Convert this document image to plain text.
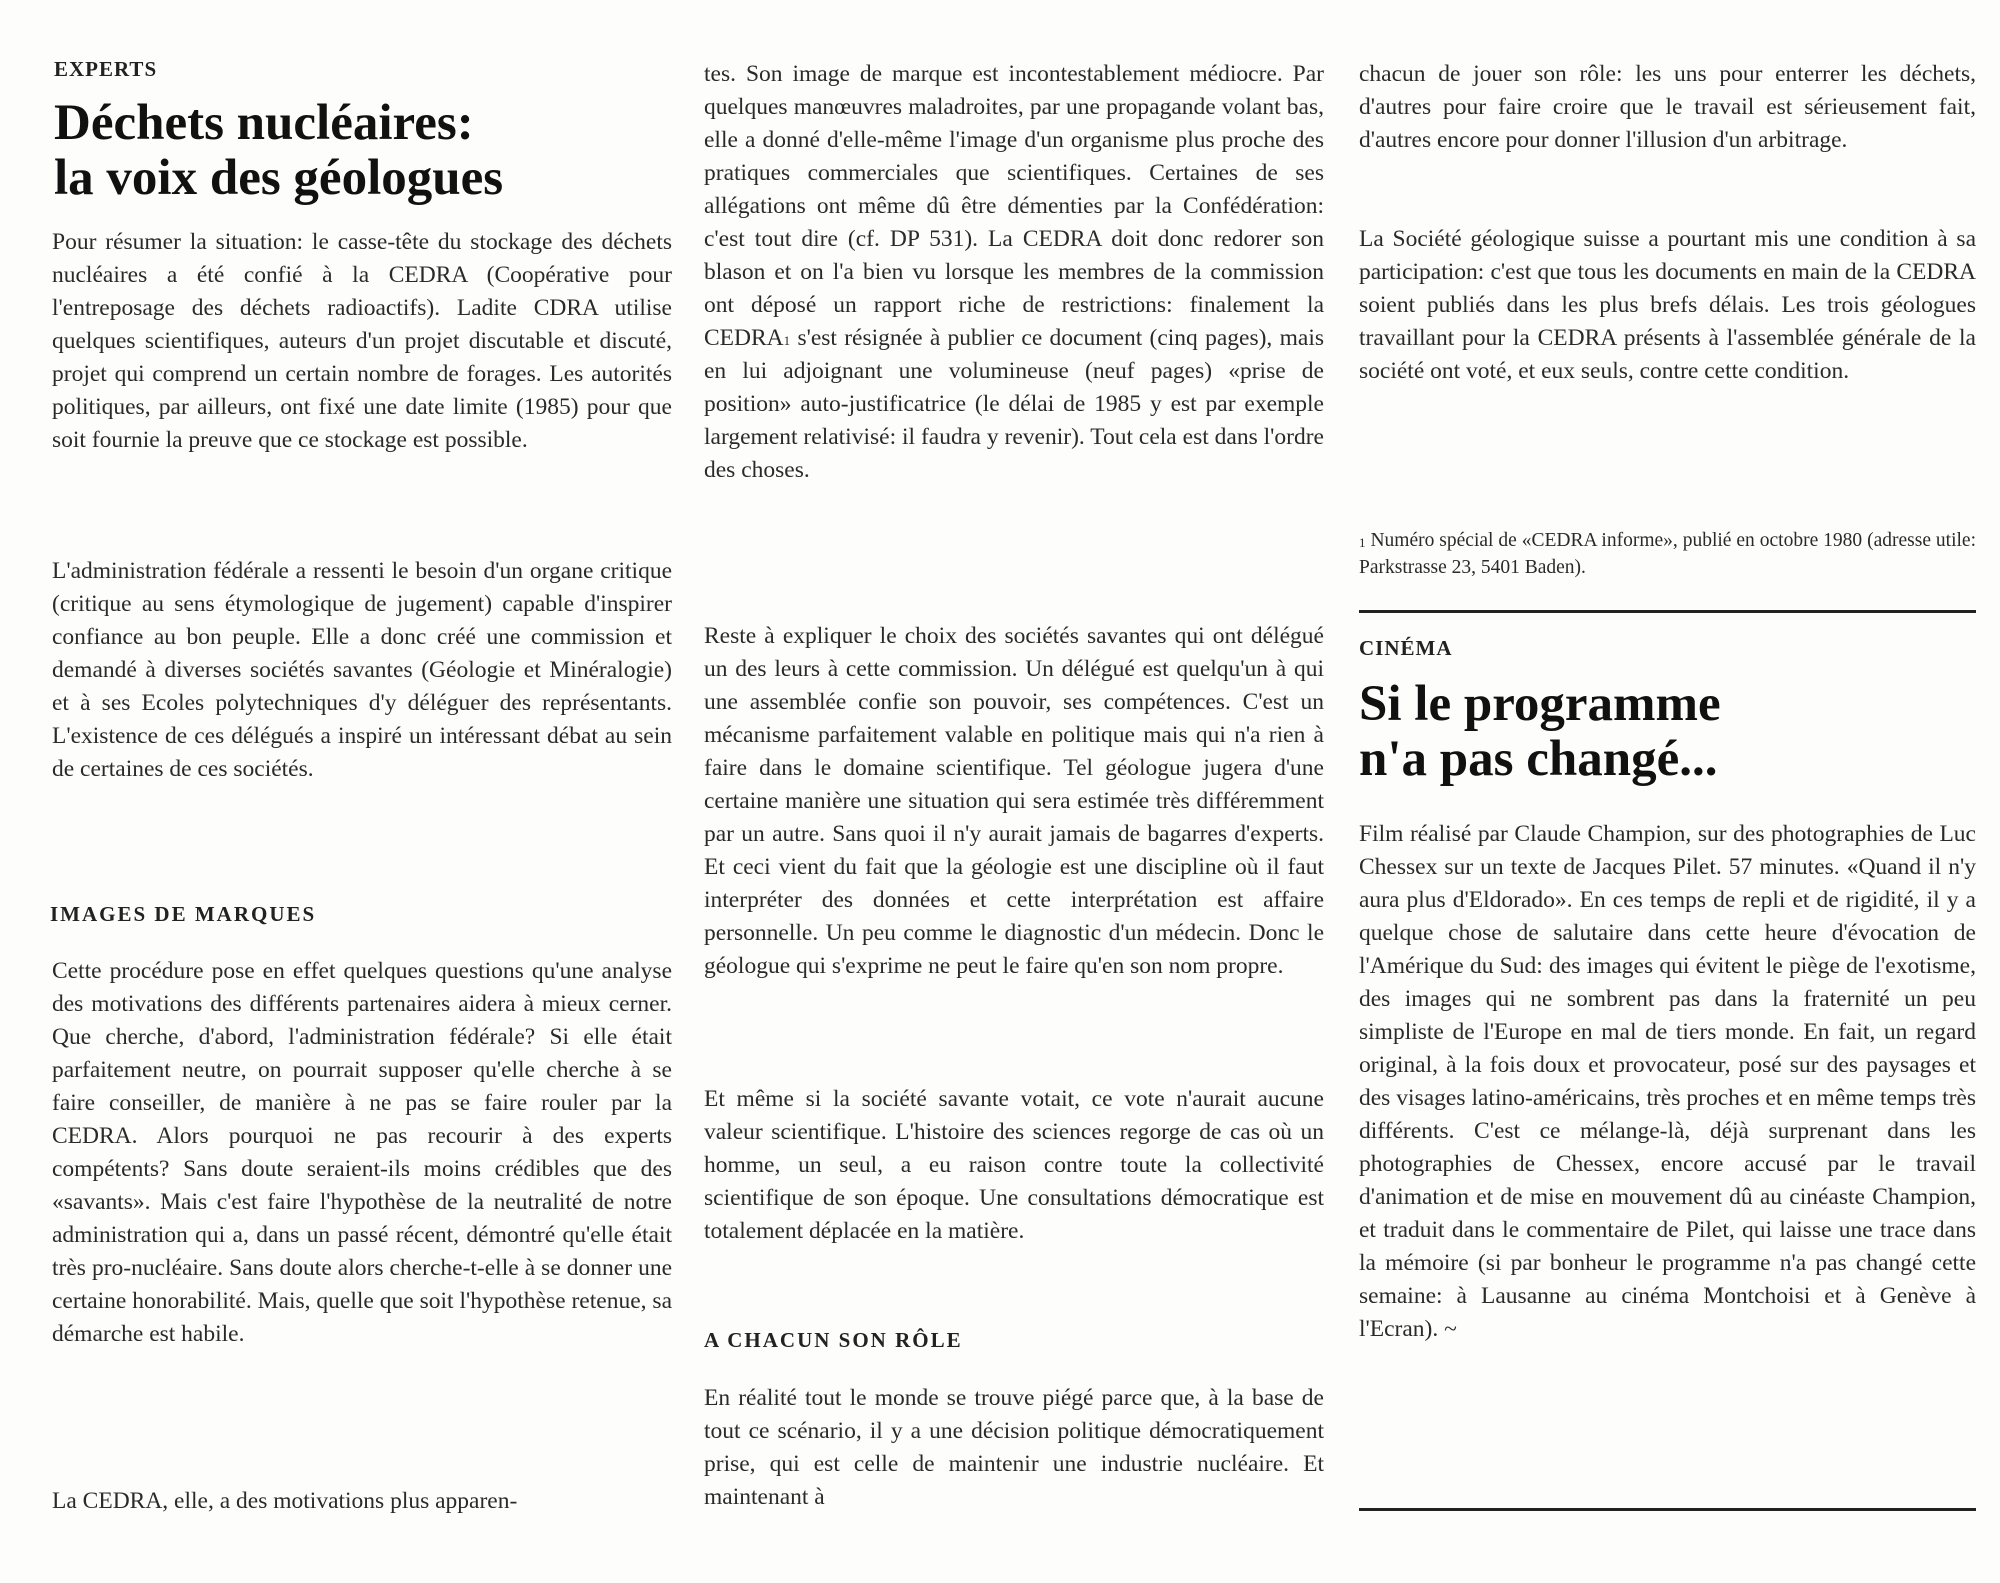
EXPERTS
Déchets nucléaires:
la voix des géologues

Pour résumer la situation: le casse-tête du stockage des déchets nucléaires a été confié à la CEDRA (Coopérative pour l'entreposage des déchets radioactifs). Ladite CDRA utilise quelques scientifiques, auteurs d'un projet discutable et discuté, projet qui comprend un certain nombre de forages. Les autorités politiques, par ailleurs, ont fixé une date limite (1985) pour que soit fournie la preuve que ce stockage est possible.

L'administration fédérale a ressenti le besoin d'un organe critique (critique au sens étymologique de jugement) capable d'inspirer confiance au bon peuple. Elle a donc créé une commission et demandé à diverses sociétés savantes (Géologie et Minéralogie) et à ses Ecoles polytechniques d'y déléguer des représentants. L'existence de ces délégués a inspiré un intéressant débat au sein de certaines de ces sociétés.

IMAGES DE MARQUES

Cette procédure pose en effet quelques questions qu'une analyse des motivations des différents partenaires aidera à mieux cerner. Que cherche, d'abord, l'administration fédérale? Si elle était parfaitement neutre, on pourrait supposer qu'elle cherche à se faire conseiller, de manière à ne pas se faire rouler par la CEDRA. Alors pourquoi ne pas recourir à des experts compétents? Sans doute seraient-ils moins crédibles que des «savants». Mais c'est faire l'hypothèse de la neutralité de notre administration qui a, dans un passé récent, démontré qu'elle était très pro-nucléaire. Sans doute alors cherche-t-elle à se donner une certaine honorabilité. Mais, quelle que soit l'hypothèse retenue, sa démarche est habile.

La CEDRA, elle, a des motivations plus apparen-

tes. Son image de marque est incontestablement médiocre. Par quelques manœuvres maladroites, par une propagande volant bas, elle a donné d'elle-même l'image d'un organisme plus proche des pratiques commerciales que scientifiques. Certaines de ses allégations ont même dû être démenties par la Confédération: c'est tout dire (cf. DP 531). La CEDRA doit donc redorer son blason et on l'a bien vu lorsque les membres de la commission ont déposé un rapport riche de restrictions: finalement la CEDRA$^1$ s'est résignée à publier ce document (cinq pages), mais en lui adjoignant une volumineuse (neuf pages) «prise de position» auto-justificatrice (le délai de 1985 y est par exemple largement relativisé: il faudra y revenir). Tout cela est dans l'ordre des choses.

Reste à expliquer le choix des sociétés savantes qui ont délégué un des leurs à cette commission. Un délégué est quelqu'un à qui une assemblée confie son pouvoir, ses compétences. C'est un mécanisme parfaitement valable en politique mais qui n'a rien à faire dans le domaine scientifique. Tel géologue jugera d'une certaine manière une situation qui sera estimée très différemment par un autre. Sans quoi il n'y aurait jamais de bagarres d'experts. Et ceci vient du fait que la géologie est une discipline où il faut interpréter des données et cette interprétation est affaire personnelle. Un peu comme le diagnostic d'un médecin. Donc le géologue qui s'exprime ne peut le faire qu'en son nom propre.

Et même si la société savante votait, ce vote n'aurait aucune valeur scientifique. L'histoire des sciences regorge de cas où un homme, un seul, a eu raison contre toute la collectivité scientifique de son époque. Une consultations démocratique est totalement déplacée en la matière.

A CHACUN SON RÔLE

En réalité tout le monde se trouve piégé parce que, à la base de tout ce scénario, il y a une décision politique démocratiquement prise, qui est celle de maintenir une industrie nucléaire. Et maintenant à

chacun de jouer son rôle: les uns pour enterrer les déchets, d'autres pour faire croire que le travail est sérieusement fait, d'autres encore pour donner l'illusion d'un arbitrage.

La Société géologique suisse a pourtant mis une condition à sa participation: c'est que tous les documents en main de la CEDRA soient publiés dans les plus brefs délais. Les trois géologues travaillant pour la CEDRA présents à l'assemblée générale de la société ont voté, et eux seuls, contre cette condition.

$^1$ Numéro spécial de «CEDRA informe», publié en octobre 1980 (adresse utile: Parkstrasse 23, 5401 Baden).

CINÉMA
Si le programme
n'a pas changé...

Film réalisé par Claude Champion, sur des photographies de Luc Chessex sur un texte de Jacques Pilet. 57 minutes. «Quand il n'y aura plus d'Eldorado». En ces temps de repli et de rigidité, il y a quelque chose de salutaire dans cette heure d'évocation de l'Amérique du Sud: des images qui évitent le piège de l'exotisme, des images qui ne sombrent pas dans la fraternité un peu simpliste de l'Europe en mal de tiers monde. En fait, un regard original, à la fois doux et provocateur, posé sur des paysages et des visages latino-américains, très proches et en même temps très différents. C'est ce mélange-là, déjà surprenant dans les photographies de Chessex, encore accusé par le travail d'animation et de mise en mouvement dû au cinéaste Champion, et traduit dans le commentaire de Pilet, qui laisse une trace dans la mémoire (si par bonheur le programme n'a pas changé cette semaine: à Lausanne au cinéma Montchoisi et à Genève à l'Ecran). ~
